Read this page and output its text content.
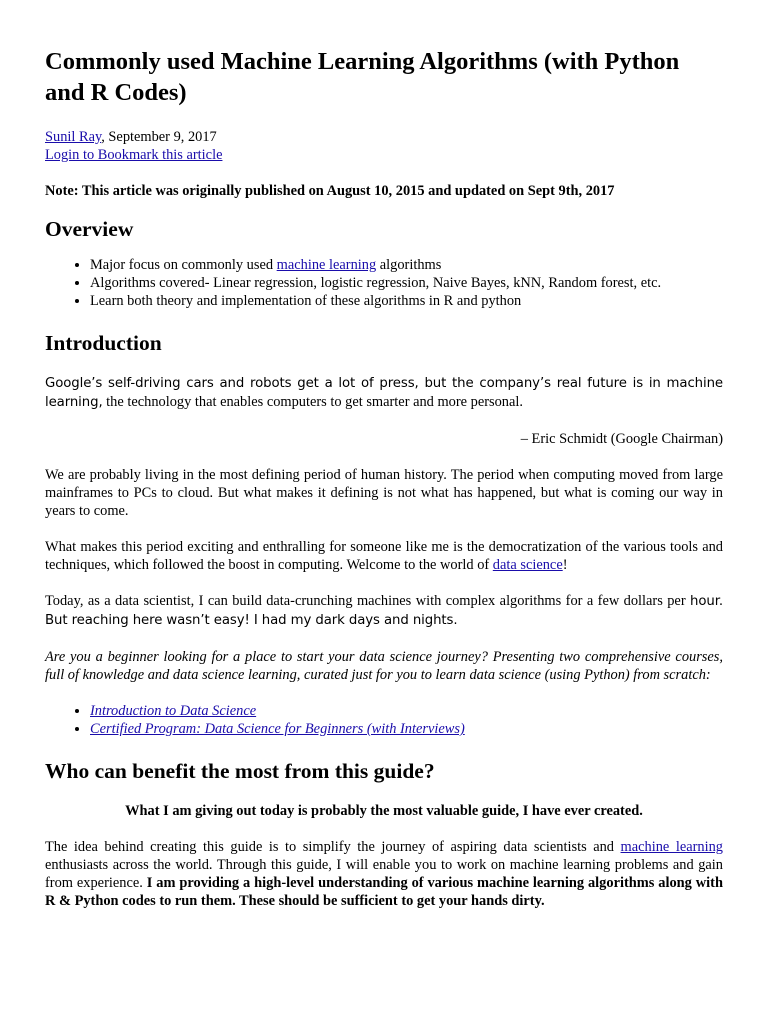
Commonly used Machine Learning Algorithms (with Python and R Codes)

Sunil Ray, September 9, 2017
Login to Bookmark this article

Note: This article was originally published on August 10, 2015 and updated on Sept 9th, 2017

Overview
• Major focus on commonly used machine learning algorithms
• Algorithms covered- Linear regression, logistic regression, Naive Bayes, kNN, Random forest, etc.
• Learn both theory and implementation of these algorithms in R and python
Introduction

Google’s self-driving cars and robots get a lot of press, but the company’s real future is in machine learning, the technology that enables computers to get smarter and more personal.

– Eric Schmidt (Google Chairman)

We are probably living in the most defining period of human history. The period when computing moved from large mainframes to PCs to cloud. But what makes it defining is not what has happened, but what is coming our way in years to come.

What makes this period exciting and enthralling for someone like me is the democratization of the various tools and techniques, which followed the boost in computing. Welcome to the world of data science!

Today, as a data scientist, I can build data-crunching machines with complex algorithms for a few dollars per hour. But reaching here wasn’t easy! I had my dark days and nights.

Are you a beginner looking for a place to start your data science journey? Presenting two comprehensive courses, full of knowledge and data science learning, curated just for you to learn data science (using Python) from scratch:

• Introduction to Data Science
• Certified Program: Data Science for Beginners (with Interviews)
Who can benefit the most from this guide?

What I am giving out today is probably the most valuable guide, I have ever created.

The idea behind creating this guide is to simplify the journey of aspiring data scientists and machine learning enthusiasts across the world. Through this guide, I will enable you to work on machine learning problems and gain from experience. I am providing a high-level understanding of various machine learning algorithms along with R & Python codes to run them. These should be sufficient to get your hands dirty.
